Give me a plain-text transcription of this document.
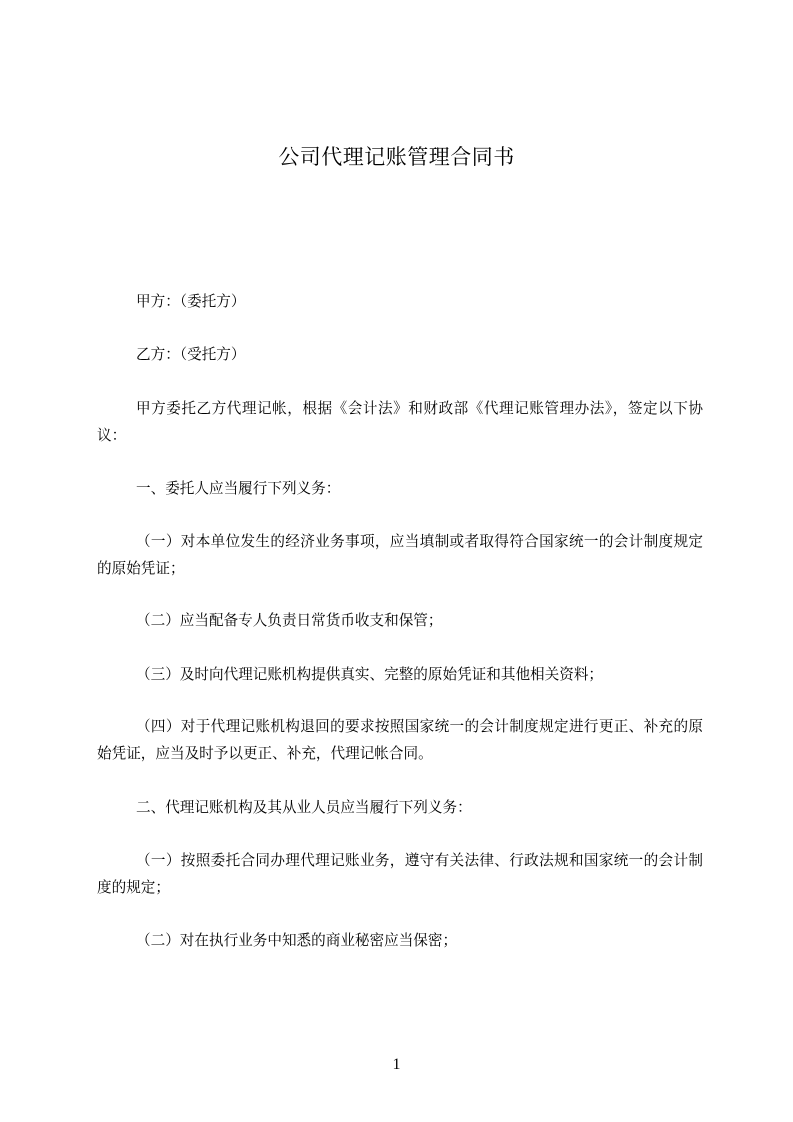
公司代理记账管理合同书
甲方：（委托方）
乙方：（受托方）
甲方委托乙方代理记帐，根据《会计法》和财政部《代理记账管理办法》，签定以下协议：
一、委托人应当履行下列义务：
（一）对本单位发生的经济业务事项，应当填制或者取得符合国家统一的会计制度规定的原始凭证；
（二）应当配备专人负责日常货币收支和保管；
（三）及时向代理记账机构提供真实、完整的原始凭证和其他相关资料；
（四）对于代理记账机构退回的要求按照国家统一的会计制度规定进行更正、补充的原始凭证，应当及时予以更正、补充，代理记帐合同。
二、代理记账机构及其从业人员应当履行下列义务：
（一）按照委托合同办理代理记账业务，遵守有关法律、行政法规和国家统一的会计制度的规定；
（二）对在执行业务中知悉的商业秘密应当保密；
1
